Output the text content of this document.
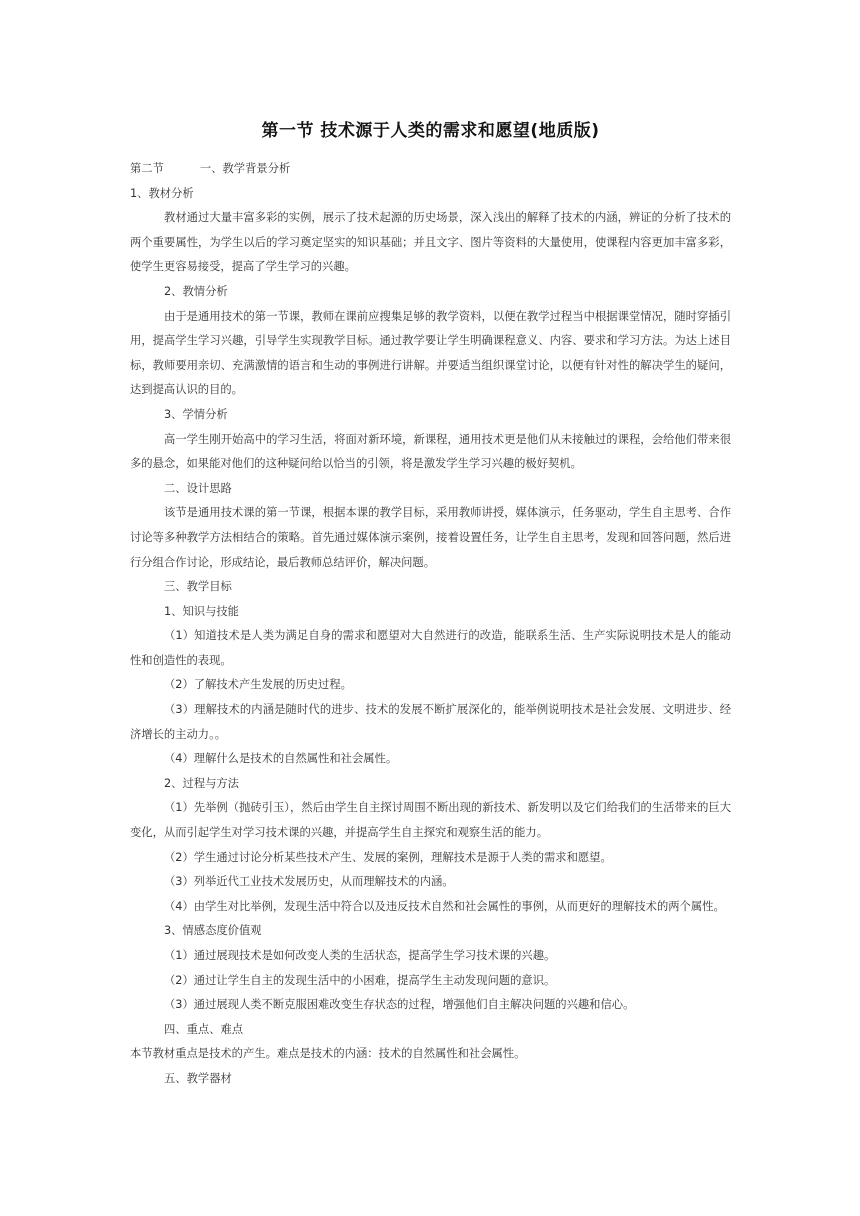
第一节 技术源于人类的需求和愿望(地质版)

第二节	一、教学背景分析

1、教材分析

教材通过大量丰富多彩的实例，展示了技术起源的历史场景，深入浅出的解释了技术的内涵，辨证的分析了技术的两个重要属性，为学生以后的学习奠定坚实的知识基础；并且文字、图片等资料的大量使用，使课程内容更加丰富多彩，使学生更容易接受，提高了学生学习的兴趣。

2、教情分析

由于是通用技术的第一节课，教师在课前应搜集足够的教学资料，以便在教学过程当中根据课堂情况，随时穿插引用，提高学生学习兴趣，引导学生实现教学目标。通过教学要让学生明确课程意义、内容、要求和学习方法。为达上述目标，教师要用亲切、充满激情的语言和生动的事例进行讲解。并要适当组织课堂讨论，以便有针对性的解决学生的疑问，达到提高认识的目的。

3、学情分析

高一学生刚开始高中的学习生活，将面对新环境，新课程，通用技术更是他们从未接触过的课程，会给他们带来很多的悬念，如果能对他们的这种疑问给以恰当的引领，将是激发学生学习兴趣的极好契机。

二、设计思路

该节是通用技术课的第一节课，根据本课的教学目标，采用教师讲授，媒体演示，任务驱动，学生自主思考、合作讨论等多种教学方法相结合的策略。首先通过媒体演示案例，接着设置任务，让学生自主思考，发现和回答问题，然后进行分组合作讨论，形成结论，最后教师总结评价，解决问题。

三、教学目标

1、知识与技能

（1）知道技术是人类为满足自身的需求和愿望对大自然进行的改造，能联系生活、生产实际说明技术是人的能动性和创造性的表现。

（2）了解技术产生发展的历史过程。

（3）理解技术的内涵是随时代的进步、技术的发展不断扩展深化的，能举例说明技术是社会发展、文明进步、经济增长的主动力。。

（4）理解什么是技术的自然属性和社会属性。

2、过程与方法

（1）先举例（抛砖引玉），然后由学生自主探讨周围不断出现的新技术、新发明以及它们给我们的生活带来的巨大变化，从而引起学生对学习技术课的兴趣，并提高学生自主探究和观察生活的能力。

（2）学生通过讨论分析某些技术产生、发展的案例，理解技术是源于人类的需求和愿望。

（3）列举近代工业技术发展历史，从而理解技术的内涵。

（4）由学生对比举例，发现生活中符合以及违反技术自然和社会属性的事例，从而更好的理解技术的两个属性。

3、情感态度价值观

（1）通过展现技术是如何改变人类的生活状态，提高学生学习技术课的兴趣。

（2）通过让学生自主的发现生活中的小困难，提高学生主动发现问题的意识。

（3）通过展现人类不断克服困难改变生存状态的过程，增强他们自主解决问题的兴趣和信心。

四、重点、难点

本节教材重点是技术的产生。难点是技术的内涵：技术的自然属性和社会属性。

五、教学器材
